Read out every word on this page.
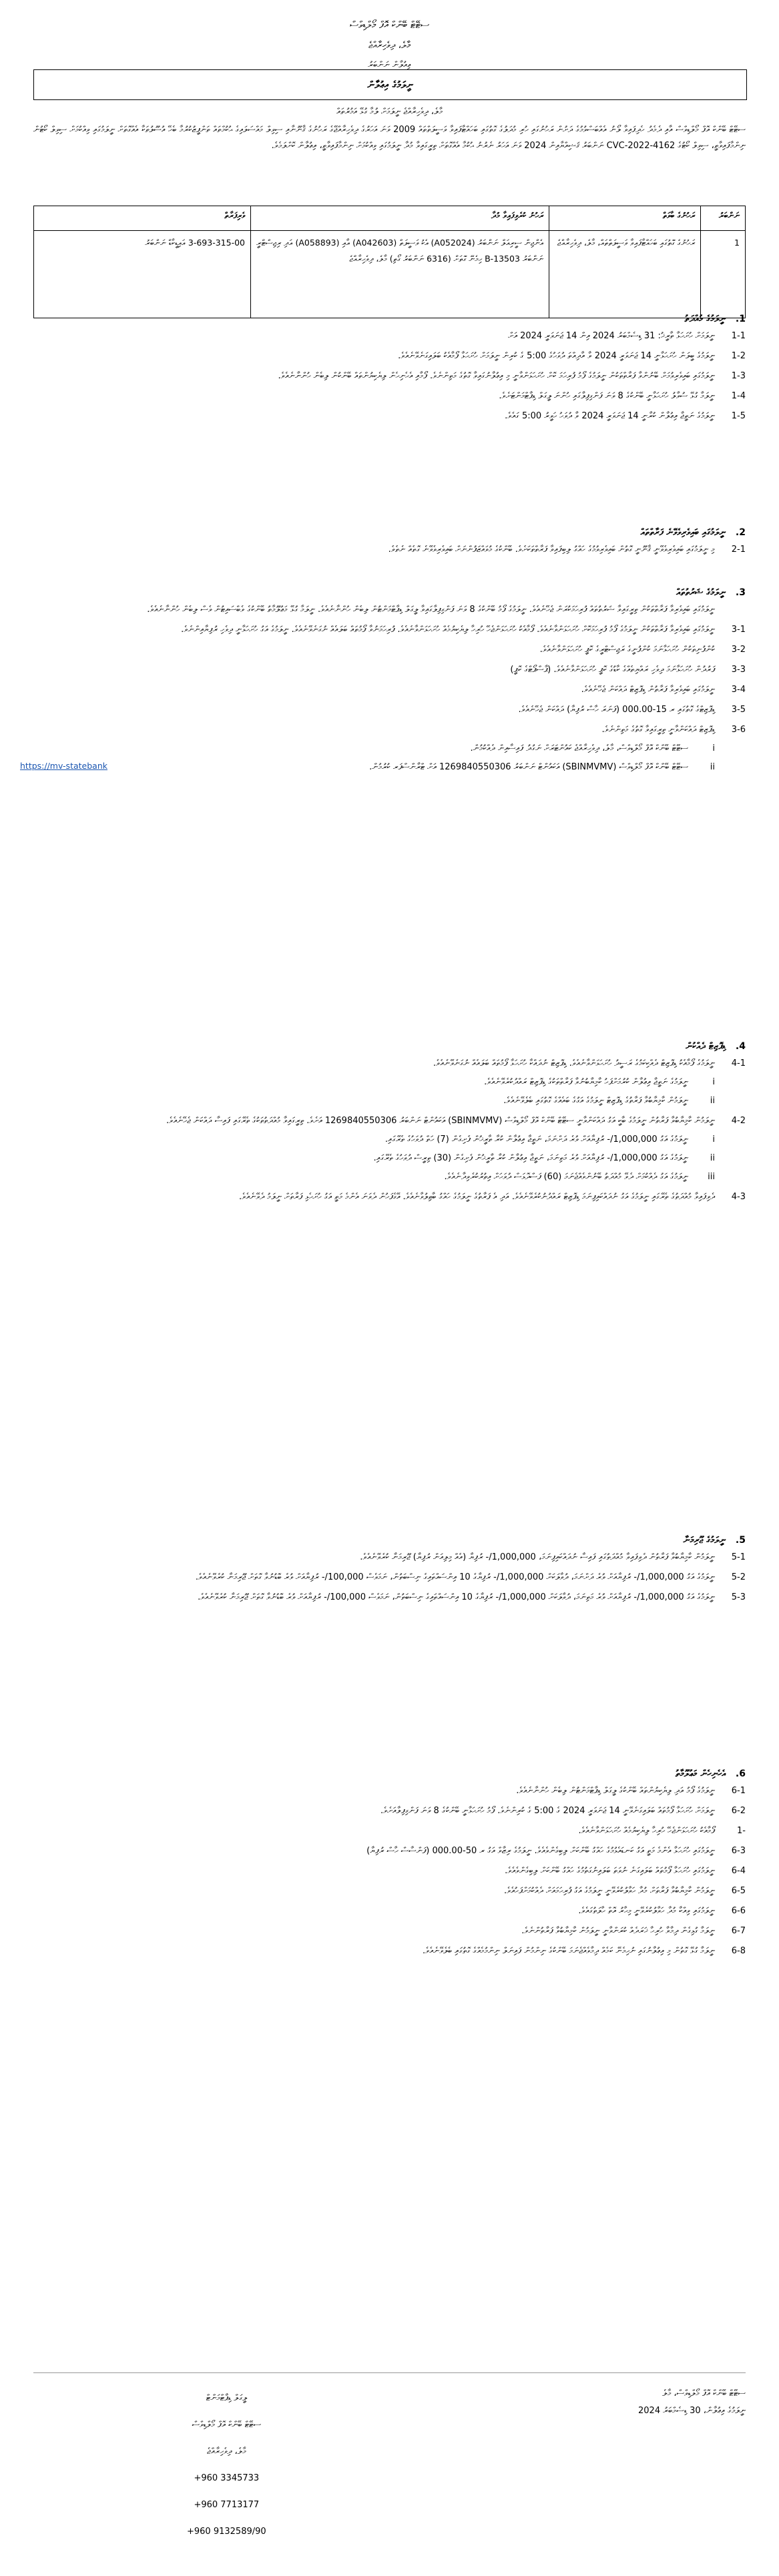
ސޓޭޓް ބޭންކް އޮފް މޯލްޑިވްސް
މާލެ، ދިވެހިރާއްޖެ
ޢިއުލާން ނަންބަރު
ނީލަމުގެ އިޢުލާން
މާލެ، ދިވެހިރާއްޖެ ނީލަމަށް ލުމާ ގުޅޭ އަމުރުތައް
ސޓޭޓް ބޭންކް އޮފް މޯލްޑިވްސް އާއި ދެމެދު ހެދިފައިވާ ލޯނު އެއްބަސްވުމުގެ ދަށުން ރަހުނުގައި ހުރި މުދަލުގެ ގޮތުގައި ބަހައްޓާފައިވާ ވަސީލަތްތައް 2009 ވަނަ އަހަރުގެ ދިވެހިރާއްޖޭގެ ރަހުނުގެ ޤާނޫނާއި ސިވިލް މައްސަލައިގެ ޙުކުމްތައް ތަންފީޒުކުރުމާ ބެހޭ އުސޫލުތަކާ އެއްގޮތަށް ނީލަމުގައި ވިއްކުމަށް ސިވިލް ކޯޓުން ނިންމާފައިވާތީ، ސިވިލް ކޯޓުގެ 4162-CVC-2022 ނަންބަރު ޤަޟިއްޔާއިން 2024 ވަނަ އަހަރު ނެރުނު ޙުކުމާ އެއްގޮތަށް ތިރީގައިވާ މުދާ ނީލަމުގައި ވިއްކުމަށް ނިންމާފައިވާތީ، އިޢުލާން ކޮށްލަމެވެ.
ނަންބަރު	ރަހުނުގެ ބާވަތް	ރަހުނު ކުރެވިފައިވާ މުދާ	ވެރިފަރާތް
1	ރަހުނުގެ ގޮތުގައި ބަހައްޓާފައިވާ ވަސީލަތްތައް، މާލެ، ދިވެހިރާއްޖެ	އެންޖިން ސީރިއަލް ނަންބަރު (A052024) އެކު ވަސީލަތް (A042603) އާއި (A058893) އަދި ރިޖިސްޓްރީ ނަންބަރު B-13503 ހިމެނޭ ގޮތަށް (6316 ނަންބަރު ގޯތި) މާލެ، ދިވެހިރާއްޖެ	3-693-315-00 އައިޑީކާޑް ނަންބަރު
1. ނީލަމުގެ މުއްދަތު
1-1
ނީލަމަށް ހުށަހަޅާ ތާރީޚު: 31 ޑިސެމްބަރު 2024 އިން 14 ޖަނަވަރީ 2024 އަށް
1-2
ނީލަމުގެ ބީލަން ހުށަހަޅާނީ 14 ޖަނަވަރީ 2024 ވާ އާދިއްތަ ދުވަހުގެ 5:00 ގެ ކުރިން ނީލަމަށް ހުށަހަޅާ ފޯމާއެކު ބަލައިގަނެވޭނެއެވެ.
1-3
ނީލަމުގައި ބައިވެރިވުމަށް ބޭނުންވާ ފަރާތްތަކުން ނީލަމުގެ ފޯމު ފުރިހަމަ ކޮށް ހުށަހަޅަންވާނީ މި އިޢުލާނުގައިވާ ގޮތުގެ މަތިންނެވެ. ފޯމާއި އެހެނިހެން ލިޔެކިޔުންތައް ބޭންކުން ލިބެން ހުންނާނެއެވެ.
1-4
ނީލަމާ ގުޅޭ ސުވާލު ހުށަހަޅާނީ ބޭންކުގެ 8 ވަނަ ފަންގިފިލާގައި ހުންނަ ލީގަލް ޑިޕާޓްމަންޓަށެވެ.
1-5
ނީލަމުގެ ނަތީޖާ އިޢުލާން ކުރާނީ 14 ޖަނަވަރީ 2024 ވާ ދުވަހު ހަވީރު 5:00 ގައެވެ.
2. ނީލަމުގައި ބައިވެރިވެވޭނެ ފަރާތްތައް
2-1
މި ނީލަމުގައި ބައިވެރިވެވޭނީ ޤާނޫނީ ގޮތުން ބައިވެރިވުމުގެ ހައްގު ލިބިފައިވާ ފަރާތްތަކަށެވެ. ބޭންކުގެ މުވައްޒަފުންނަށް ބައިވެރިވެވޭނެ ގޮތެއް ނެތެވެ.
3. ނީލަމުގެ ޝަރުތުތައް
ނީލަމުގައި ބައިވެރިވާ ފަރާތްތަކުން ތިރީގައިވާ ޝަރުތުތައް ފުރިހަމަކުރަން ޖެހޭނެއެވެ. ނީލަމުގެ ފޯމު ބޭންކުގެ 8 ވަނަ ފަންގިފިލާގައިވާ ލީގަލް ޑިޕާޓްމަންޓުން ލިބެން ހުންނާނެއެވެ. ނީލަމާ ގުޅޭ މަޢުލޫމާތު ބޭންކުގެ ވެބްސައިޓުން ވެސް ލިބެން ހުންނާނެއެވެ.
3-1
ނީލަމުގައި ބައިވެރިވާ ފަރާތްތަކުން ނީލަމުގެ ފޯމު ފުރިހަމަކޮށް ހުށަހަޅަންވާނެއެވެ. ފޯމާއެކު ހުށަހަޅަންޖެހޭ ހުރިހާ ލިޔެކިޔުމެއް ހުށަހަޅަންވާނެއެވެ. ފުރިހަމަނުވާ ފޯމުތައް ބަލައެއް ނުގަނެވޭނެއެވެ. ނީލަމުގެ އަގު ހުށަހަޅާނީ ދިވެހި ރުފިޔާއިންނެވެ.
3-2
ކުންފުނިތަކުން ހުށަހަޅާނަމަ ކުންފުނީގެ ރަޖިސްޓްރީގެ ކޮޕީ ހުށަހަޅަންވާނެއެވެ.
3-3
ފަރުދުން ހުށަހަޅާނަމަ ދިވެހި ރައްޔިތެއްގެ ކާޑުގެ ކޮޕީ ހުށަހަޅަންވާނެއެވެ. (ޕާސްޕޯޓްގެ ކޮޕީ)
3-4
ނީލަމުގައި ބައިވެރިވާ ފަރާތުން ޑިޕޮޒިޓް ދައްކަން ޖެހޭނެއެވެ.
3-5
ޑިޕޮޒިޓްގެ ގޮތުގައި ރ 15-000.00 (ފަނަރަ ހާސް ރުފިޔާ) ދައްކަން ޖެހޭނެއެވެ.
3-6
ޑިޕޮޒިޓް ދައްކަންވާނީ ތިރީގައިވާ ގޮތުގެ މަތިންނެވެ.
i
ސޓޭޓް ބޭންކް އޮފް މޯލްޑިވްސް، މާލެ، ދިވެހިރާއްޖެ ކައުންޓަރަށް ނަގުދު ފައިސާއިން ދެއްކުމުން.
ii
ސޓޭޓް ބޭންކް އޮފް މޯލްޑިވްސް (SBINMVMV) އަކައުންޓް ނަންބަރު 1269840550306 އަށް ޓްރާންސްފަރ ކުރުމުން.
https://mv-statebank
4. ޑިޕޮޒިޓް ދެއްކުން
4-1
ނީލަމުގެ ފޯމާއެކު ޑިޕޮޒިޓް ދެއްކިކަމުގެ ރަސީދު ހުށަހަޅަންވާނެއެވެ. ޑިޕޮޒިޓް ނުދައްކާ ހުށަހަޅާ ފޯމުތައް ބަލައެއް ނުގަނެވޭނެއެވެ.
i
ނީލަމުގެ ނަތީޖާ އިޢުލާން ކުރުމަށްފަހު ކާމިޔާބުނުވާ ފަރާތްތަކުގެ ޑިޕޮޒިޓް ރައްދުކުރެވޭނެއެވެ.
ii
ނީލަމުން ކާމިޔާބުވާ ފަރާތުގެ ޑިޕޮޒިޓް ނީލަމުގެ އަގުގެ ބައެއްގެ ގޮތުގައި ބެލެވޭނެއެވެ.
4-2
ނީލަމުން ކާމިޔާބުވާ ފަރާތުން ނީލަމުގެ ބާކީ އަގު ދައްކަންވާނީ ސޓޭޓް ބޭންކް އޮފް މޯލްޑިވްސް (SBINMVMV) އަކައުންޓް ނަންބަރު 1269840550306 އަށެވެ. ތިރީގައިވާ މުއްދަތުތަކުގެ ތެރޭގައި ފައިސާ ދައްކަން ޖެހޭނެއެވެ.
i
ނީލަމުގެ އަގު 1,000,000/- ރުފިޔާއަށް ވުރެ ދަށްނަމަ، ނަތީޖާ އިޢުލާން ކުރާ ތާރީޚުން ފެށިގެން (7) ހަތް ދުވަހުގެ ތެރޭގައި.
ii
ނީލަމުގެ އަގު 1,000,000/- ރުފިޔާއަށް ވުރެ މަތިނަމަ، ނަތީޖާ އިޢުލާން ކުރާ ތާރީޚުން ފެށިގެން (30) ތިރީސް ދުވަހުގެ ތެރޭގައި.
iii
ނީލަމުގެ އަގު ދެއްކުމަށް ދެވޭ މުއްދަތު ބޭނުންވެއްޖެނަމަ (60) ފަސްދޮޅަސް ދުވަހަށް އިތުރުކުރެވިދާނެއެވެ.
4-3
ދެވިފައިވާ މުއްދަތުގެ ތެރޭގައި ނީލަމުގެ އަގު ނުދައްކައިފިނަމަ ޑިޕޮޒިޓް ރައްދުނުކުރެވޭނެއެވެ. އަދި އެ ފަރާތުގެ ނީލަމުގެ ހައްގު ބާޠިލުވާނެއެވެ. އޭގެފަހުން ދެވަނަ އެންމެ މަތީ އަގު ހުށަހެޅި ފަރާތަށް ނީލަމު ދެވޭނެއެވެ.
5. ނީލަމުގެ ޖޫރިމަނާ
5-1
ނީލަމުން ކާމިޔާބުވާ ފަރާތުން ދެވިފައިވާ މުއްދަތުގައި ފައިސާ ނުދައްކައިފިނަމަ، 1,000,000/- ރުފިޔާ (އެއް މިލިއަން ރުފިޔާ) ޖޫރިމަނާ ކުރެވޭނެއެވެ.
5-2
ނީލަމުގެ އަގު 1,000,000/- ރުފިޔާއަށް ވުރެ ދަށްނަމަ، ދުވާލަކަށް 1,000,000/- ރުފިޔާގެ 10 އިންސައްތައިގެ ނިސްބަތުން، ނަމަވެސް 100,000/- ރުފިޔާއަށް ވުރެ ބޮޑުނުވާ ގޮތަށް ޖޫރިމަނާ ކުރެވޭނެއެވެ.
5-3
ނީލަމުގެ އަގު 1,000,000/- ރުފިޔާއަށް ވުރެ މަތިނަމަ، ދުވާލަކަށް 1,000,000/- ރުފިޔާގެ 10 އިންސައްތައިގެ ނިސްބަތުން، ނަމަވެސް 100,000/- ރުފިޔާއަށް ވުރެ ބޮޑުނުވާ ގޮތަށް ޖޫރިމަނާ ކުރެވޭނެއެވެ.
6. އެހެނިހެން މަޢުލޫމާތު
6-1
ނީލަމުގެ ފޯމު އަދި ލިޔެކިޔުންތައް ބޭންކުގެ ލީގަލް ޑިޕާޓްމަންޓުން ލިބެން ހުންނާނެއެވެ.
6-2
ނީލަމަށް ހުށަހަޅާ ފޯމުތައް ބަލައިގަނެވޭނީ 14 ޖަނަވަރީ 2024 ގެ 5:00 ގެ ކުރިންނެވެ. ފޯމު ހުށަހަޅާނީ ބޭންކުގެ 8 ވަނަ ފަންގިފިލާއަށެވެ.
-1
ފޯމާއެކު ހުށަހަޅަންޖެހޭ ހުރިހާ ލިޔެކިޔުމެއް ހުށަހަޅަންވާނެއެވެ.
6-3
ނީލަމުގައި ހުށަހަޅާ އެންމެ މަތީ އަގު ކަނޑައެޅުމުގެ ހައްގު ބޭންކަށް ލިބިގެންވެއެވެ. ނީލަމުގެ ރިޒާވް އަގު ރ 50-000.00 (ފަންސާސް ހާސް ރުފިޔާ)
6-4
ނީލަމުގައި ހުށަހަޅާ ފޯމުތައް ބަލައިގަނެ ނުވަތަ ބަލައިނުގަތުމުގެ ހައްގު ބޭންކަށް ލިބިގެންވެއެވެ.
6-5
ނީލަމުން ކާމިޔާބުވާ ފަރާތަށް މުދާ ހަވާލުކުރެވޭނީ ނީލަމުގެ އަގު ފުރިހަމައަށް ދެއްކުމަށްފަހުއެވެ.
6-6
ނީލަމުގައި ވިއްކާ މުދާ ހަވާލުކުރެވޭނީ މިހާރު އޮތް ހާލަތުގައެވެ.
6-7
ނީލަމާ ގުޅިގެން ދިމާވާ ހުރިހާ ޚަރަދެއް ކުރަންވާނީ ނީލަމުން ކާމިޔާބުވާ ފަރާތުންނެވެ.
6-8
ނީލަމާ ގުޅޭ ގޮތުން މި އިޢުލާނުގައި ނުހިމެނޭ ކަމެއް ދިމާވެއްޖެނަމަ ބޭންކުގެ ނިންމުން ފައިނަލް ނިންމުމެއްގެ ގޮތުގައި ބެލެވޭނެއެވެ.
ސޓޭޓް ބޭންކް އޮފް މޯލްޑިވްސް، މާލެ
ނީލަމުގެ އިޢުލާން، 30 ޑިސެމްބަރު 2024
ލީގަލް ޑިޕާޓްމަންޓް
ސޓޭޓް ބޭންކް އޮފް މޯލްޑިވްސް
މާލެ، ދިވެހިރާއްޖެ
+960 3345733
+960 7713177
+960 9132589/90
